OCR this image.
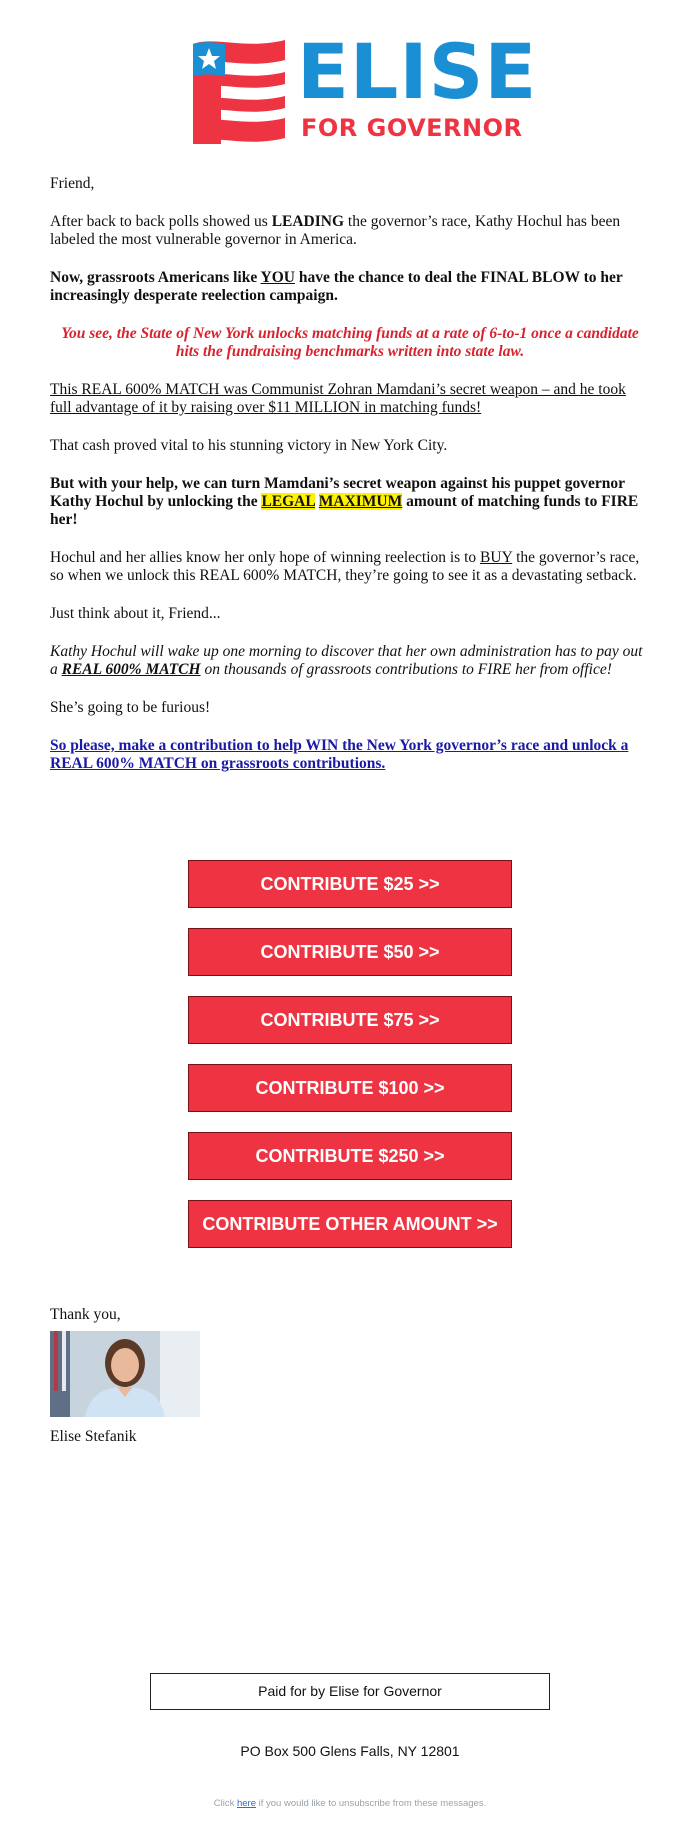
ELISE
FOR GOVERNOR

Friend,

After back to back polls showed us LEADING the governor’s race, Kathy Hochul has been labeled the most vulnerable governor in America.

Now, grassroots Americans like YOU have the chance to deal the FINAL BLOW to her increasingly desperate reelection campaign.

You see, the State of New York unlocks matching funds at a rate of 6-to-1 once a candidate hits the fundraising benchmarks written into state law.

This REAL 600% MATCH was Communist Zohran Mamdani’s secret weapon – and he took full advantage of it by raising over $11 MILLION in matching funds!

That cash proved vital to his stunning victory in New York City.

But with your help, we can turn Mamdani’s secret weapon against his puppet governor Kathy Hochul by unlocking the LEGAL MAXIMUM amount of matching funds to FIRE her!

Hochul and her allies know her only hope of winning reelection is to BUY the governor’s race, so when we unlock this REAL 600% MATCH, they’re going to see it as a devastating setback.

Just think about it, Friend...

Kathy Hochul will wake up one morning to discover that her own administration has to pay out a REAL 600% MATCH on thousands of grassroots contributions to FIRE her from office!

She’s going to be furious!

So please, make a contribution to help WIN the New York governor’s race and unlock a REAL 600% MATCH on grassroots contributions.

CONTRIBUTE $25 >>
CONTRIBUTE $50 >>
CONTRIBUTE $75 >>
CONTRIBUTE $100 >>
CONTRIBUTE $250 >>
CONTRIBUTE OTHER AMOUNT >>
Thank you,
Elise Stefanik
Paid for by Elise for Governor
PO Box 500 Glens Falls, NY 12801
Click here if you would like to unsubscribe from these messages.
